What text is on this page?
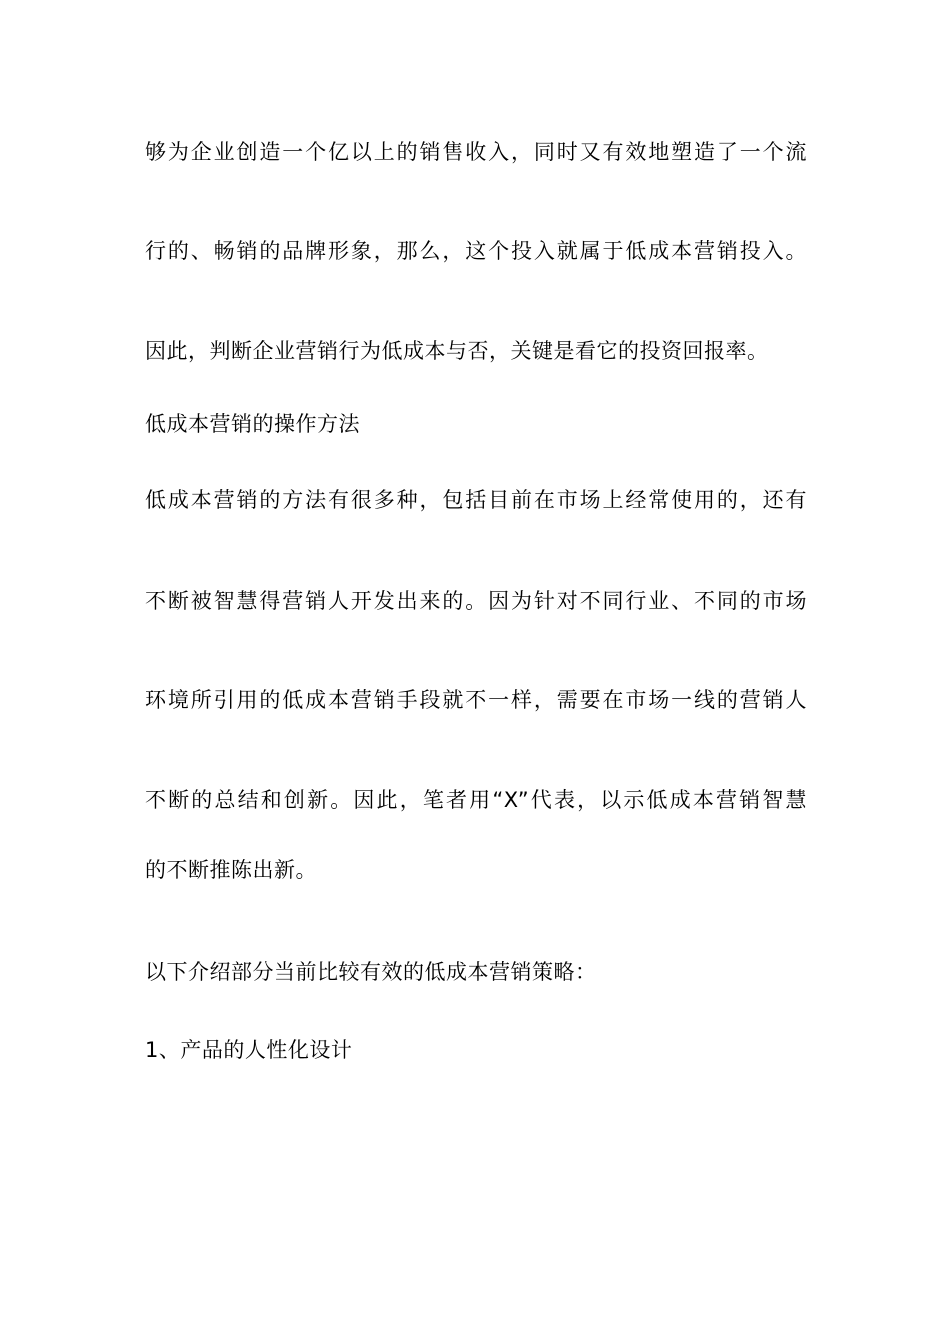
够为企业创造一个亿以上的销售收入，同时又有效地塑造了一个流

行的、畅销的品牌形象，那么，这个投入就属于低成本营销投入。

因此，判断企业营销行为低成本与否，关键是看它的投资回报率。

低成本营销的操作方法

低成本营销的方法有很多种，包括目前在市场上经常使用的，还有

不断被智慧得营销人开发出来的。因为针对不同行业、不同的市场

环境所引用的低成本营销手段就不一样，需要在市场一线的营销人

不断的总结和创新。因此，笔者用“X”代表，以示低成本营销智慧

的不断推陈出新。

以下介绍部分当前比较有效的低成本营销策略：

1、产品的人性化设计
